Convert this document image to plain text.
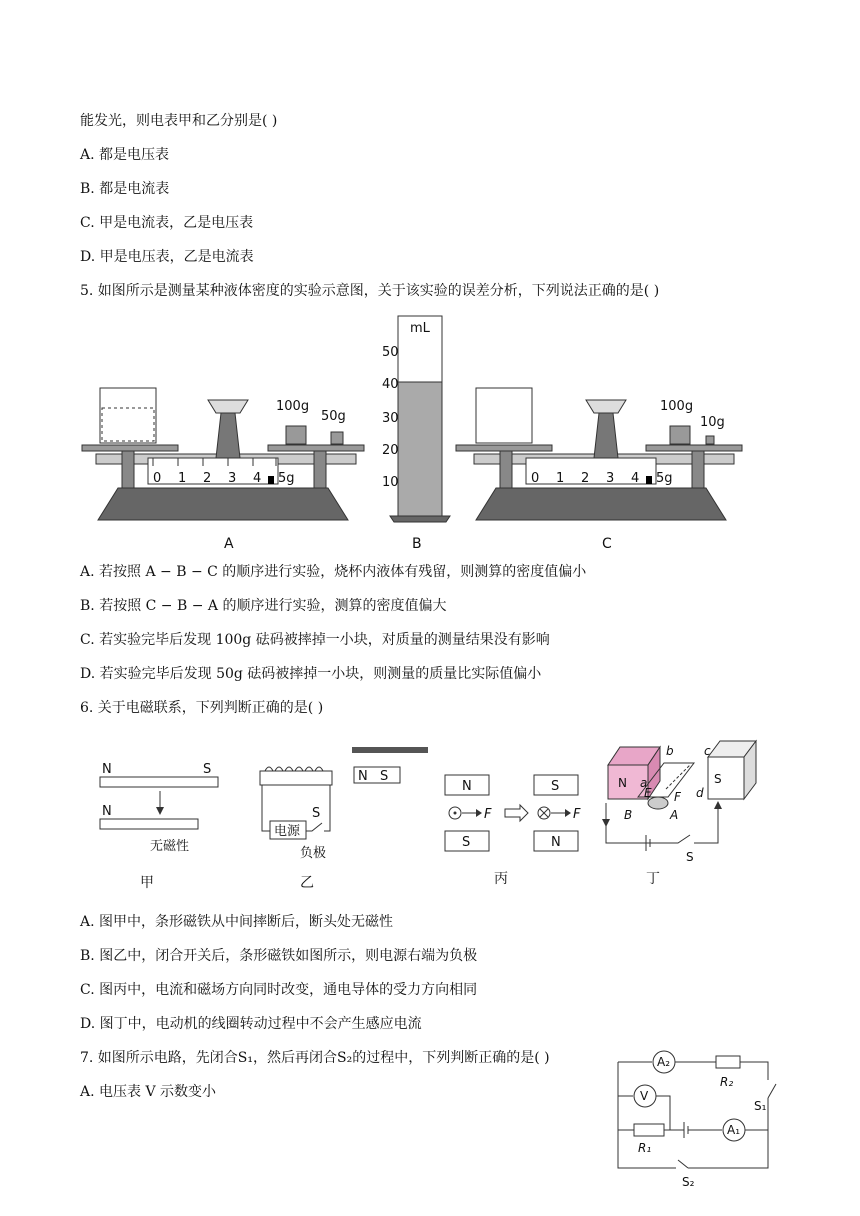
能发光，则电表甲和乙分别是( )
A. 都是电压表
B. 都是电流表
C. 甲是电流表，乙是电压表
D. 甲是电压表，乙是电流表
5. 如图所示是测量某种液体密度的实验示意图，关于该实验的误差分析，下列说法正确的是( )
0 1 2 3 4 5g
100g
50g
mL
50
40
30
20
10	0 1 2 3 4 5g
100g
10g
A	B	C
A. 若按照 A − B − C 的顺序进行实验，烧杯内液体有残留，则测算的密度值偏小
B. 若按照 C − B − A 的顺序进行实验，测算的密度值偏大
C. 若实验完毕后发现 100g 砝码被摔掉一小块，对质量的测量结果没有影响
D. 若实验完毕后发现 50g 砝码被摔掉一小块，则测量的质量比实际值偏小
6. 关于电磁联系，下列判断正确的是( )
N	S
N
无磁性
甲
N S
电源
S
负极
乙
N
S
S
N
F	F
丙
N	S
a
b	c
d
E F
B	A
S
丁
A. 图甲中，条形磁铁从中间摔断后，断头处无磁性
B. 图乙中，闭合开关后，条形磁铁如图所示，则电源右端为负极
C. 图丙中，电流和磁场方向同时改变，通电导体的受力方向相同
D. 图丁中，电动机的线圈转动过程中不会产生感应电流
7. 如图所示电路，先闭合S₁，然后再闭合S₂的过程中，下列判断正确的是( )
A. 电压表 V 示数变小
A₂
R₂
V
S₁
R₁
A₁
S₂
